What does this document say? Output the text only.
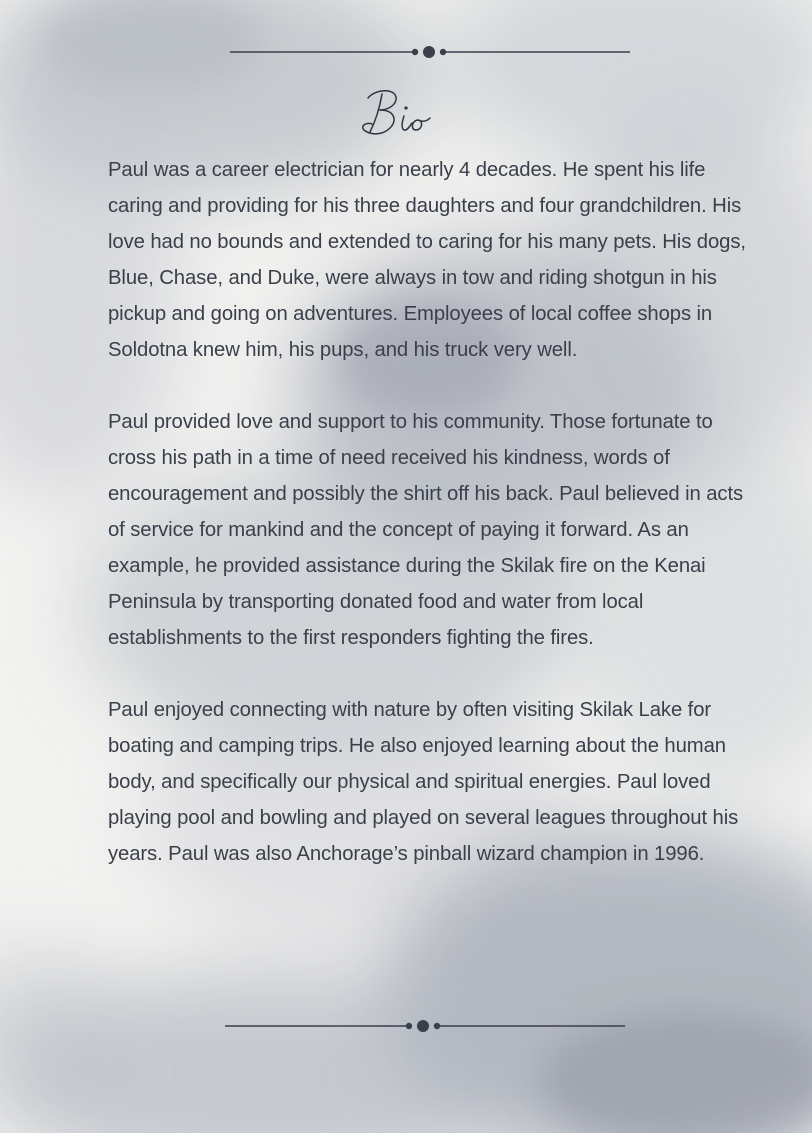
Paul was a career electrician for nearly 4 decades. He spent his life caring and providing for his three daughters and four grandchildren. His love had no bounds and extended to caring for his many pets. His dogs, Blue, Chase, and Duke, were always in tow and riding shotgun in his pickup and going on adventures. Employees of local coffee shops in Soldotna knew him, his pups, and his truck very well.

Paul provided love and support to his community. Those fortunate to cross his path in a time of need received his kindness, words of encouragement and possibly the shirt off his back. Paul believed in acts of service for mankind and the concept of paying it forward. As an example, he provided assistance during the Skilak fire on the Kenai Peninsula by transporting donated food and water from local establishments to the first responders fighting the fires.

Paul enjoyed connecting with nature by often visiting Skilak Lake for boating and camping trips. He also enjoyed learning about the human body, and specifically our physical and spiritual energies. Paul loved playing pool and bowling and played on several leagues throughout his years. Paul was also Anchorage’s pinball wizard champion in 1996.
